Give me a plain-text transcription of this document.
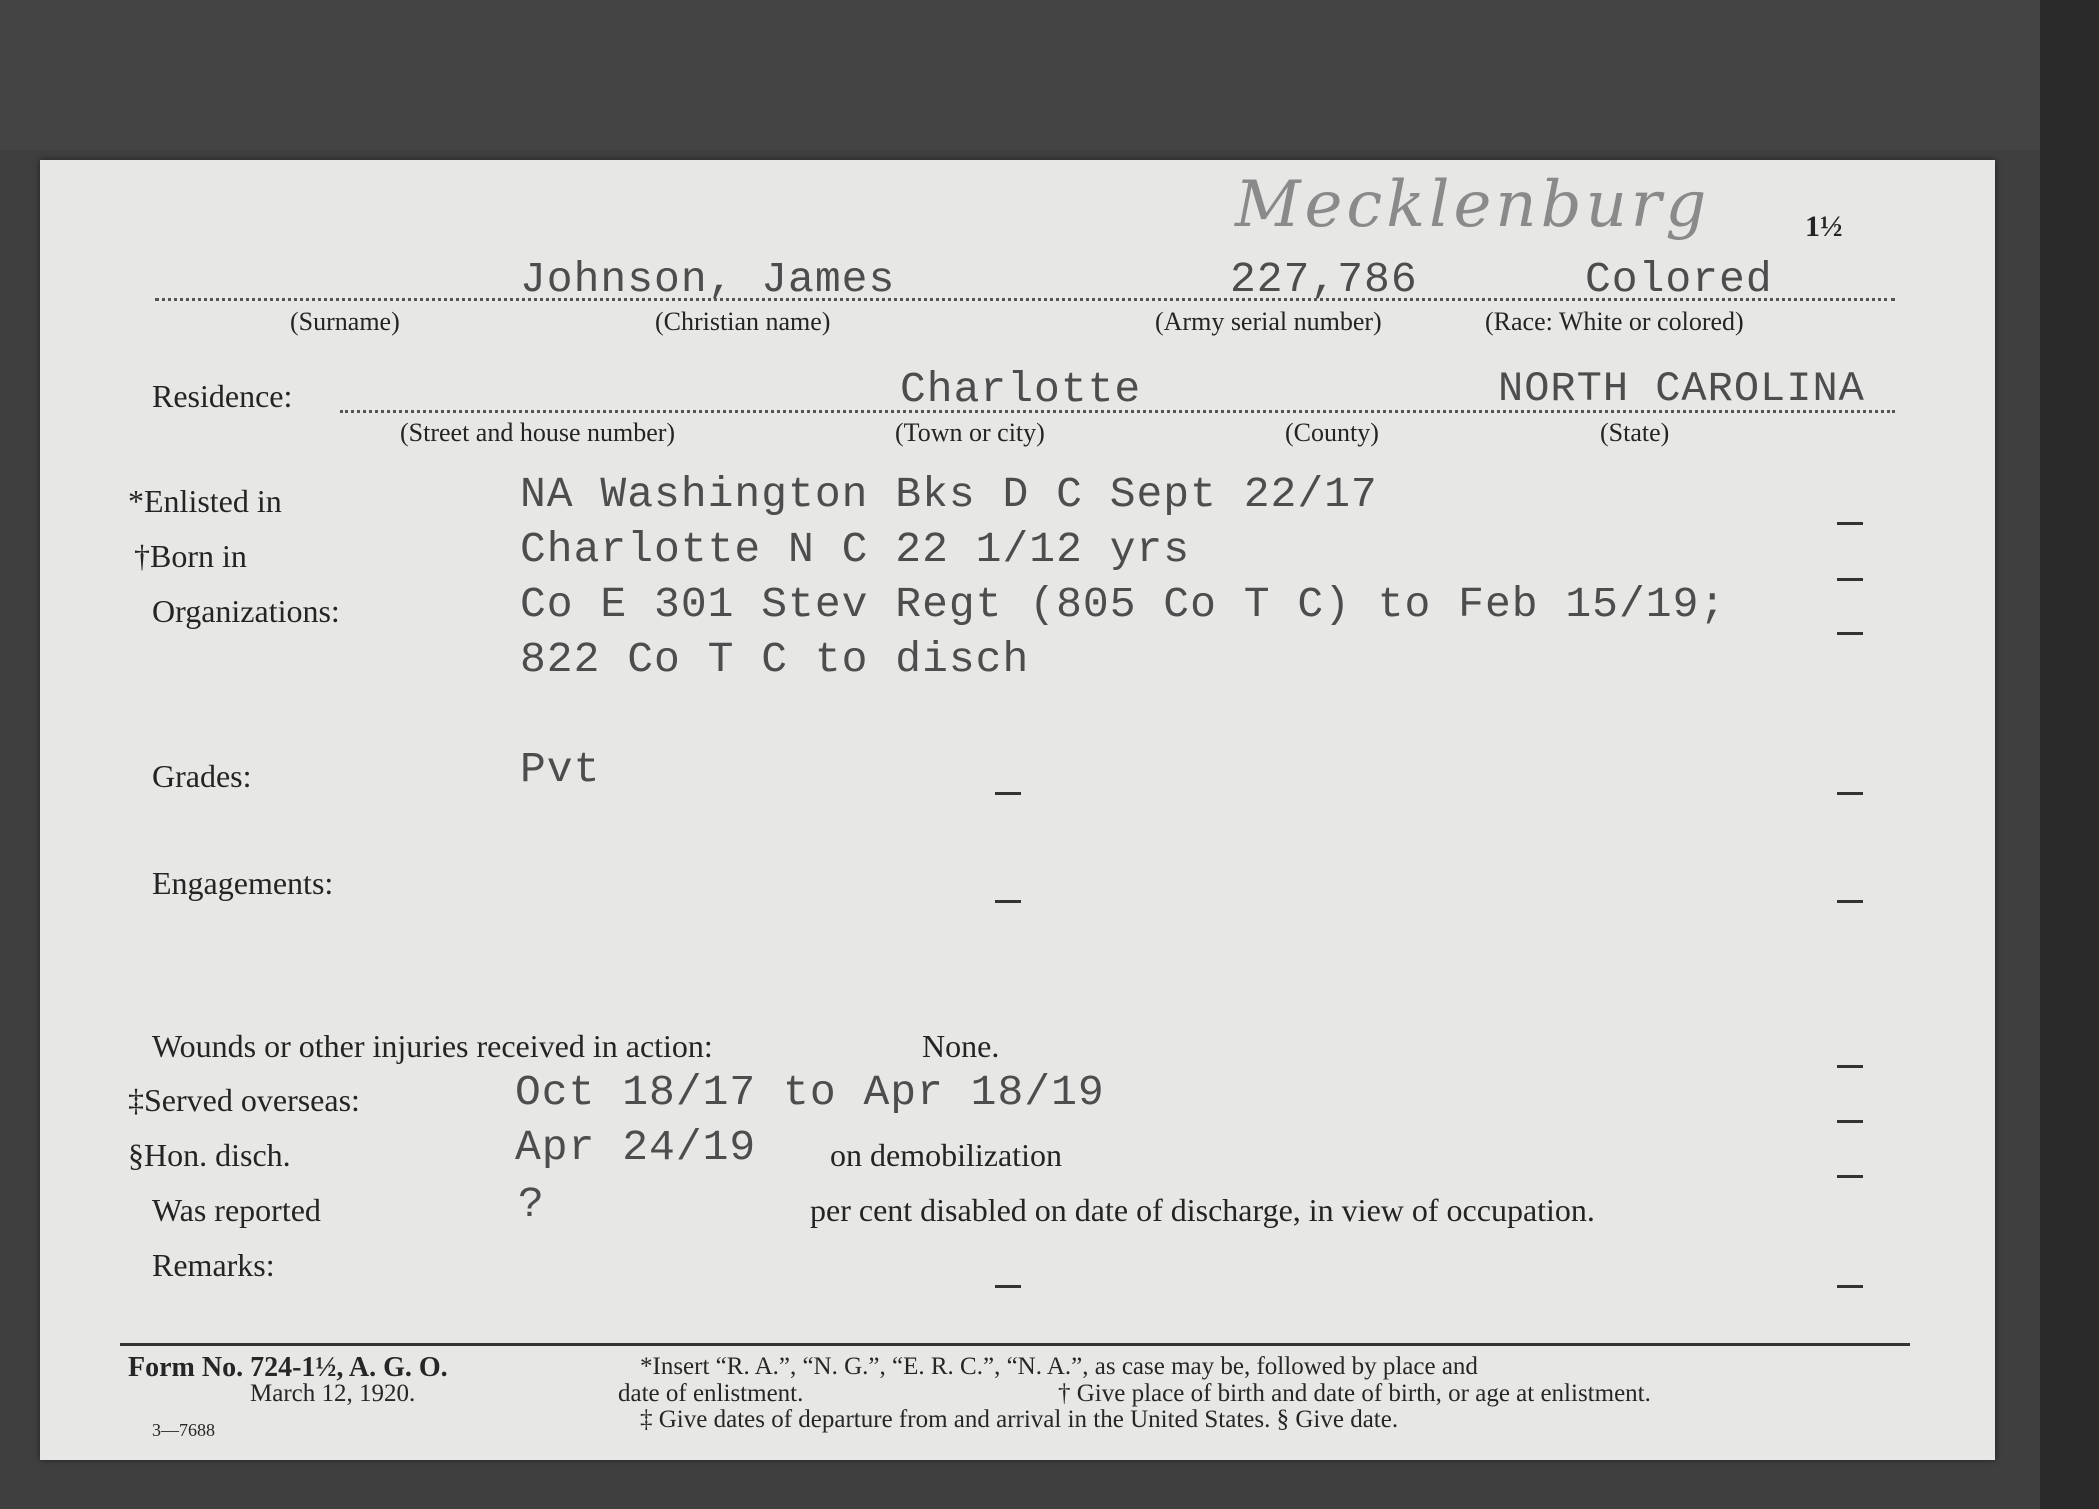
Mecklenburg	1½
Johnson, James	227,786	Colored
(Surname)	(Christian name)	(Army serial number)	(Race: White or colored)
Residence:	Charlotte	NORTH CAROLINA
(Street and house number)	(Town or city)	(County)	(State)
*Enlisted in	NA Washington Bks D C Sept 22/17
†Born in	Charlotte N C 22 1/12 yrs
Organizations:	Co E 301 Stev Regt (805 Co T C) to Feb 15/19;
822 Co T C to disch
Grades:	Pvt
Engagements:
Wounds or other injuries received in action:	None.
‡Served overseas:	Oct 18/17 to Apr 18/19
§Hon. disch.	Apr 24/19 on demobilization
Was reported	?	per cent disabled on date of discharge, in view of occupation.
Remarks:
Form No. 724-1½, A. G. O.
March 12, 1920.
3—7688
*Insert “R. A.”, “N. G.”, “E. R. C.”, “N. A.”, as case may be, followed by place and
date of enlistment.	† Give place of birth and date of birth, or age at enlistment.
‡ Give dates of departure from and arrival in the United States. § Give date.
